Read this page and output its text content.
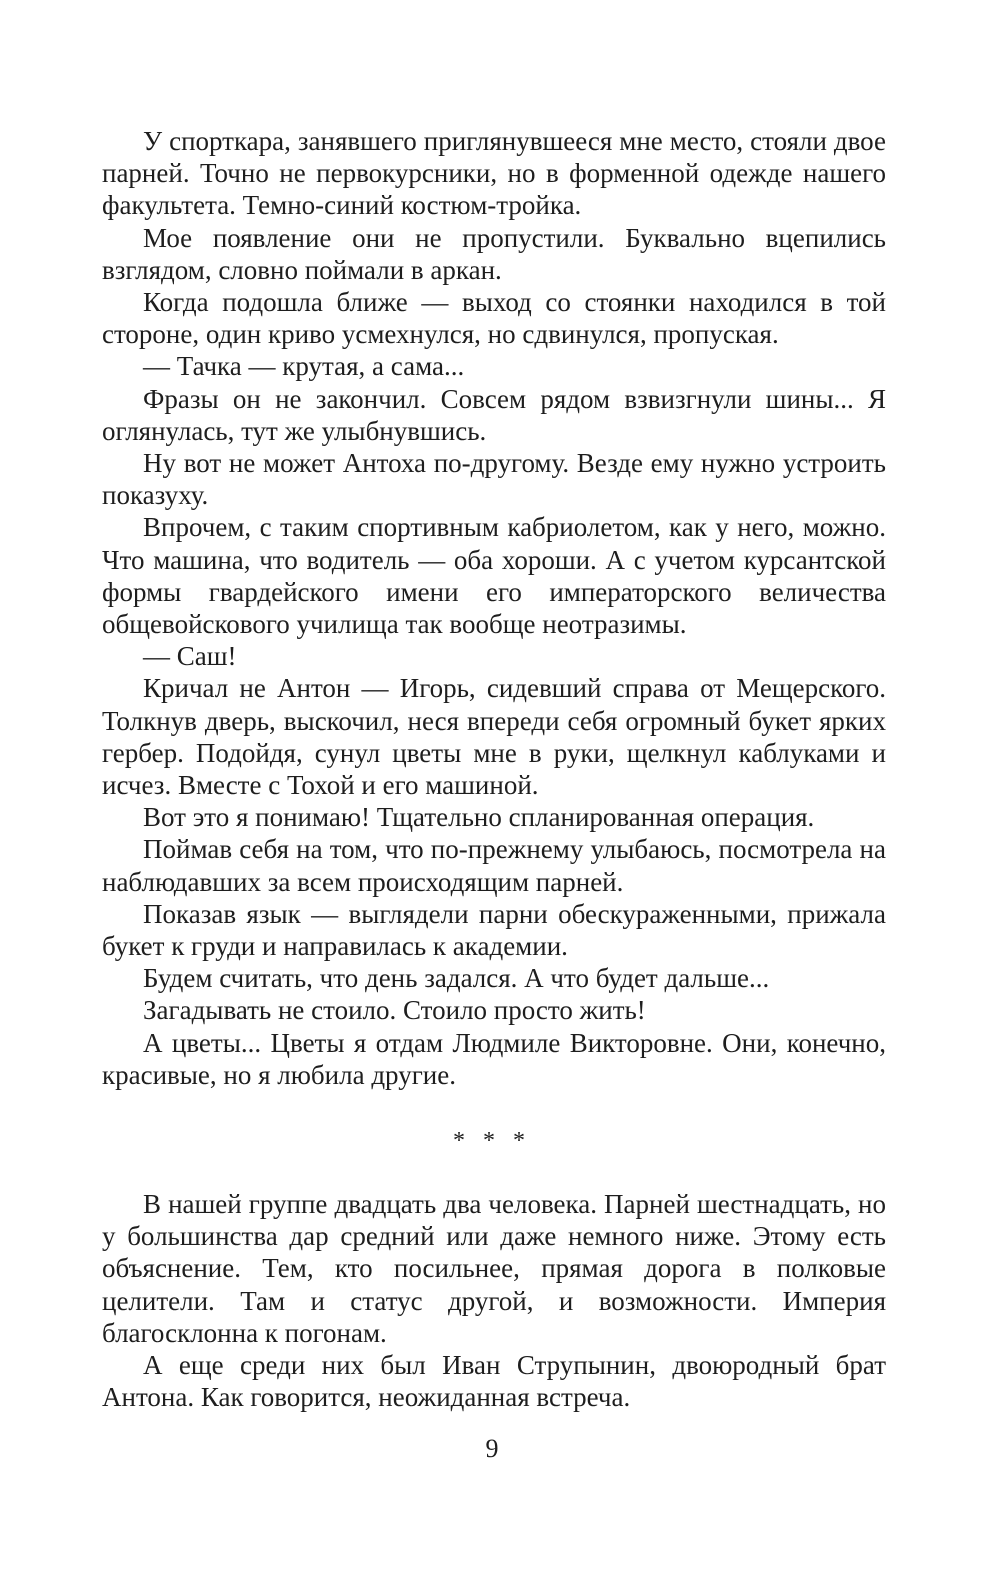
У спорткара, занявшего приглянувшееся мне место, стояли двое парней. Точно не первокурсники, но в форменной одежде нашего факультета. Темно-синий костюм-тройка.

Мое появление они не пропустили. Буквально вцепились взглядом, словно поймали в аркан.

Когда подошла ближе — выход со стоянки находился в той стороне, один криво усмехнулся, но сдвинулся, пропуская.

— Тачка — крутая, а сама...

Фразы он не закончил. Совсем рядом взвизгнули шины... Я оглянулась, тут же улыбнувшись.

Ну вот не может Антоха по-другому. Везде ему нужно устроить показуху.

Впрочем, с таким спортивным кабриолетом, как у него, можно. Что машина, что водитель — оба хороши. А с учетом курсантской формы гвардейского имени его императорского величества общевойскового училища так вообще неотразимы.

— Саш!

Кричал не Антон — Игорь, сидевший справа от Мещерского. Толкнув дверь, выскочил, неся впереди себя огромный букет ярких гербер. Подойдя, сунул цветы мне в руки, щелкнул каблуками и исчез. Вместе с Тохой и его машиной.

Вот это я понимаю! Тщательно спланированная операция.

Поймав себя на том, что по-прежнему улыбаюсь, посмотрела на наблюдавших за всем происходящим парней.

Показав язык — выглядели парни обескураженными, прижала букет к груди и направилась к академии.

Будем считать, что день задался. А что будет дальше...

Загадывать не стоило. Стоило просто жить!

А цветы... Цветы я отдам Людмиле Викторовне. Они, конечно, красивые, но я любила другие.

* * *

В нашей группе двадцать два человека. Парней шестнадцать, но у большинства дар средний или даже немного ниже. Этому есть объяснение. Тем, кто посильнее, прямая дорога в полковые целители. Там и статус другой, и возможности. Империя благосклонна к погонам.

А еще среди них был Иван Струпынин, двоюродный брат Антона. Как говорится, неожиданная встреча.

9
